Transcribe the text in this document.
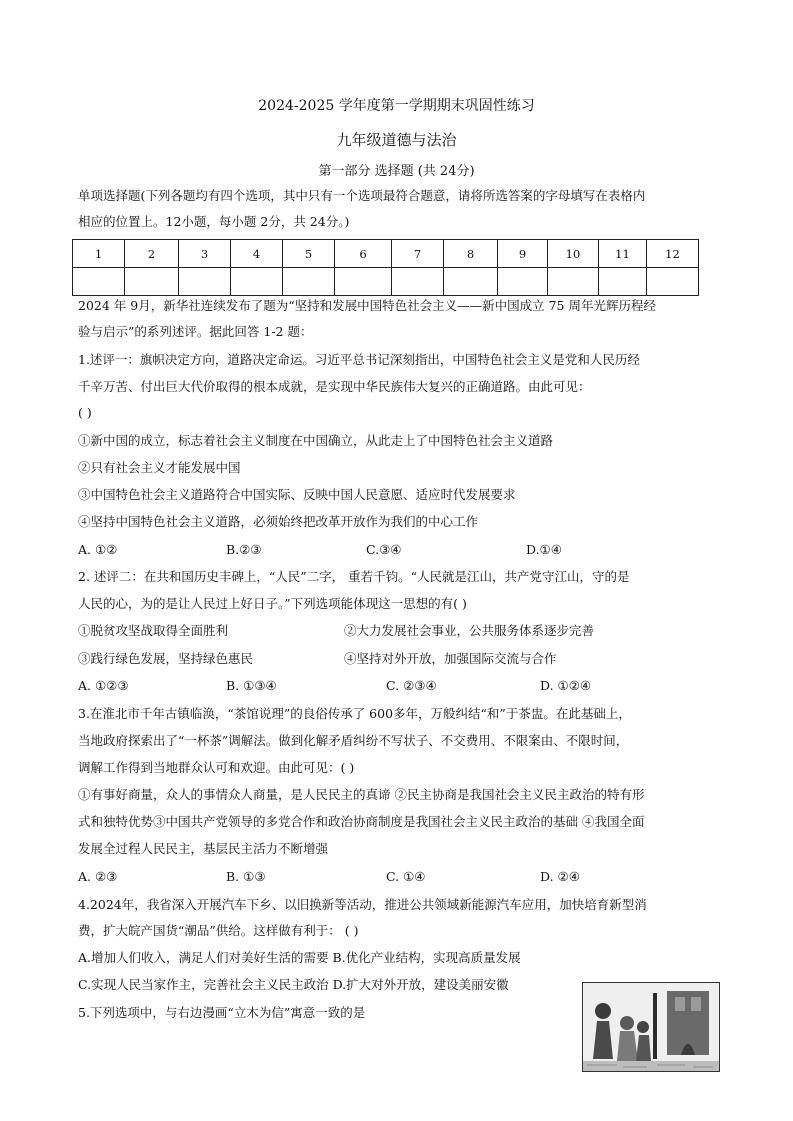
2024-2025 学年度第一学期期末巩固性练习
九年级道德与法治
第一部分 选择题 (共 24分)
单项选择题(下列各题均有四个选项，其中只有一个选项最符合题意，请将所选答案的字母填写在表格内
相应的位置上。12小题，每小题 2分，共 24分。)
1	2	3	4	5	6	7	8	9	10	11	12

2024 年 9月，新华社连续发布了题为“坚持和发展中国特色社会主义——新中国成立 75 周年光辉历程经
验与启示”的系列述评。据此回答 1-2 题：
1.述评一：旗帜决定方向，道路决定命运。习近平总书记深刻指出，中国特色社会主义是党和人民历经
千辛万苦、付出巨大代价取得的根本成就，是实现中华民族伟大复兴的正确道路。由此可见：
( )
①新中国的成立，标志着社会主义制度在中国确立，从此走上了中国特色社会主义道路
②只有社会主义才能发展中国
③中国特色社会主义道路符合中国实际、反映中国人民意愿、适应时代发展要求
④坚持中国特色社会主义道路，必须始终把改革开放作为我们的中心工作
A. ①②	B.②③	C.③④	D.①④
2. 述评二：在共和国历史丰碑上，“人民”二字， 重若千钧。“人民就是江山，共产党守江山，守的是
人民的心，为的是让人民过上好日子。”下列选项能体现这一思想的有( )
①脱贫攻坚战取得全面胜利	②大力发展社会事业，公共服务体系逐步完善
③践行绿色发展，坚持绿色惠民	④坚持对外开放，加强国际交流与合作
A. ①②③	B. ①③④	C. ②③④	D. ①②④
3.在淮北市千年古镇临涣，“茶馆说理”的良俗传承了 600多年，万般纠结“和”于茶盅。在此基础上，
当地政府探索出了“一杯茶”调解法。做到化解矛盾纠纷不写状子、不交费用、不限案由、不限时间，
调解工作得到当地群众认可和欢迎。由此可见：( )
①有事好商量，众人的事情众人商量，是人民民主的真谛 ②民主协商是我国社会主义民主政治的特有形
式和独特优势③中国共产党领导的多党合作和政治协商制度是我国社会主义民主政治的基础 ④我国全面
发展全过程人民民主，基层民主活力不断增强
A. ②③	B. ①③	C. ①④	D. ②④
4.2024年，我省深入开展汽车下乡、以旧换新等活动，推进公共领域新能源汽车应用，加快培育新型消
费，扩大皖产国货“潮品”供给。这样做有利于： ( )
A.增加人们收入，满足人们对美好生活的需要 B.优化产业结构，实现高质量发展
C.实现人民当家作主，完善社会主义民主政治 D.扩大对外开放，建设美丽安徽
5.下列选项中，与右边漫画“立木为信”寓意一致的是
